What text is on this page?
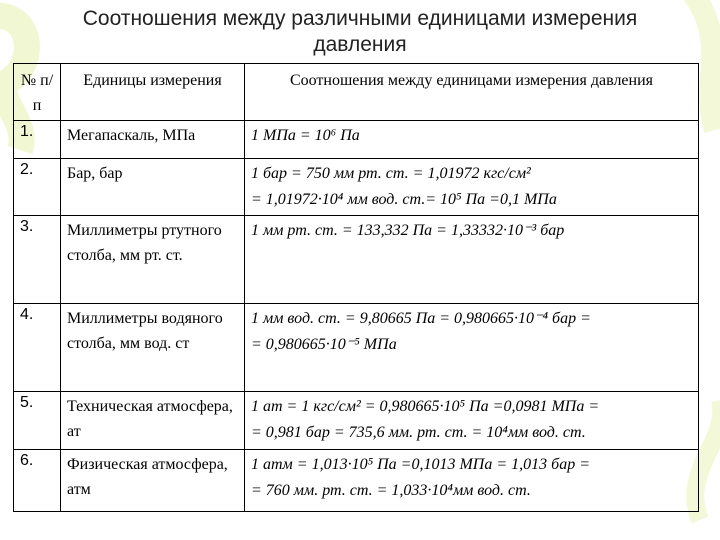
Соотношения между различными единицами измерения
давления
№ п/п	Единицы измерения	Соотношения между единицами измерения давления
1.	Мегапаскаль, МПа	1 МПа = 10⁶ Па

2.	Бар, бар	1 бар = 750 мм рт. ст. = 1,01972 кгс/см²
= 1,01972·10⁴ мм вод. ст.= 10⁵ Па =0,1 МПа

3.	Миллиметры ртутного столба, мм рт. ст.	1 мм рт. ст. = 133,332 Па = 1,33332·10⁻³ бар

4.	Миллиметры водяного столба, мм вод. ст	1 мм вод. ст. = 9,80665 Па = 0,980665·10⁻⁴ бар =
= 0,980665·10⁻⁵ МПа

5.	Техническая атмосфера, ат	1 ат = 1 кгс/см² = 0,980665·10⁵ Па =0,0981 МПа =
= 0,981 бар = 735,6 мм. рт. ст. = 10⁴мм вод. ст.

6.	Физическая атмосфера, атм	1 атм = 1,013·10⁵ Па =0,1013 МПа = 1,013 бар =
= 760 мм. рт. ст. = 1,033·10⁴мм вод. ст.
